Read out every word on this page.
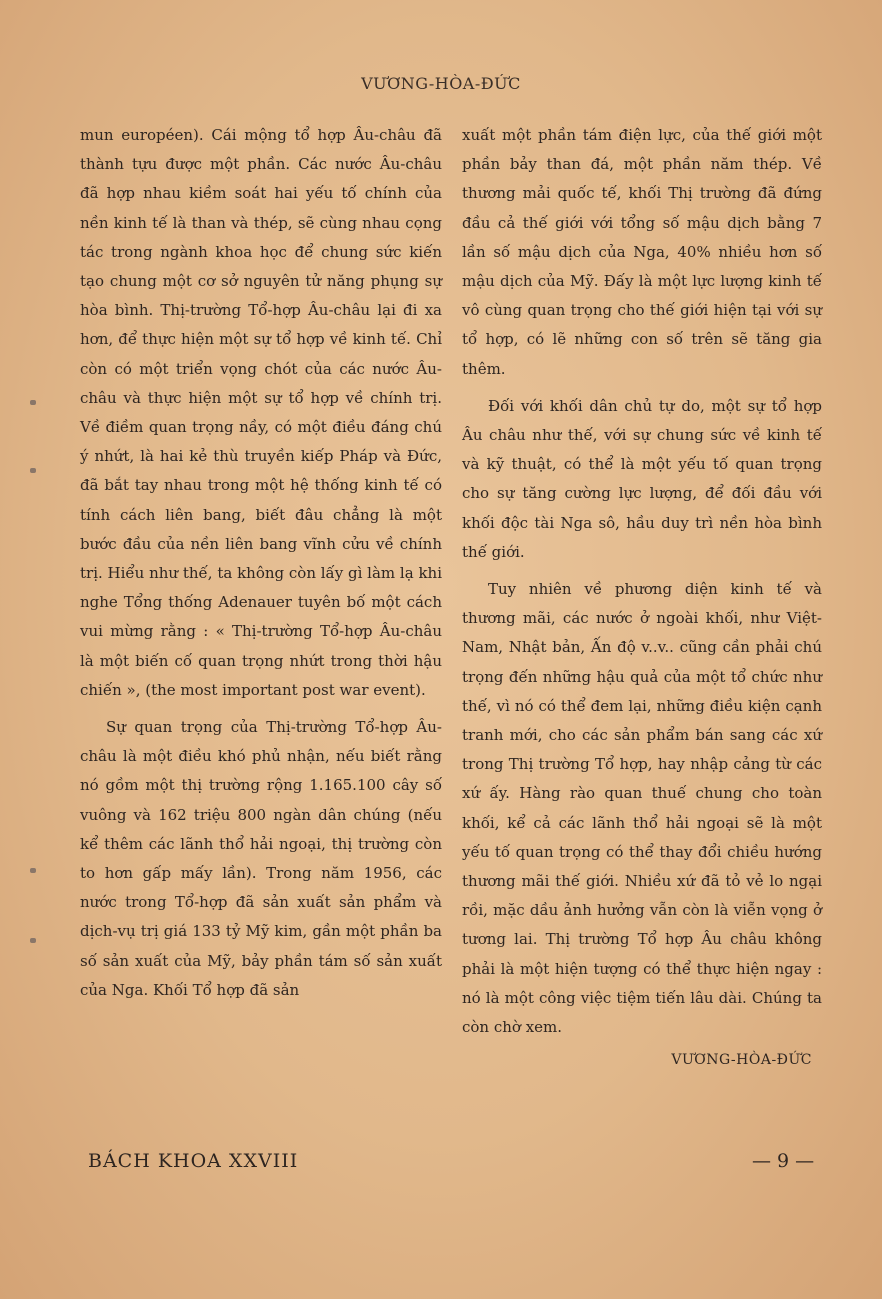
VƯƠNG-HÒA-ĐỨC

mun européen). Cái mộng tổ hợp Âu-châu đã thành tựu được một phần. Các nước Âu-châu đã hợp nhau kiềm soát hai yếu tố chính của nền kinh tế là than và thép, sẽ cùng nhau cọng tác trong ngành khoa học để chung sức kiến tạo chung một cơ sở nguyên tử năng phụng sự hòa bình. Thị-trường Tổ-hợp Âu-châu lại đi xa hơn, để thực hiện một sự tổ hợp về kinh tế. Chỉ còn có một triển vọng chót của các nước Âu-châu và thực hiện một sự tổ hợp về chính trị. Về điềm quan trọng nầy, có một điều đáng chú ý nhứt, là hai kẻ thù truyền kiếp Pháp và Đức, đã bắt tay nhau trong một hệ thống kinh tế có tính cách liên bang, biết đâu chẳng là một bước đầu của nền liên bang vĩnh cửu về chính trị. Hiểu như thế, ta không còn lấy gì làm lạ khi nghe Tổng thống Adenauer tuyên bố một cách vui mừng rằng : « Thị-trường Tổ-hợp Âu-châu là một biến cố quan trọng nhứt trong thời hậu chiến », (the most important post war event).

Sự quan trọng của Thị-trường Tổ-hợp Âu-châu là một điều khó phủ nhận, nếu biết rằng nó gồm một thị trường rộng 1.165.100 cây số vuông và 162 triệu 800 ngàn dân chúng (nếu kể thêm các lãnh thổ hải ngoại, thị trường còn to hơn gấp mấy lần). Trong năm 1956, các nước trong Tổ-hợp đã sản xuất sản phẩm và dịch-vụ trị giá 133 tỷ Mỹ kim, gần một phần ba số sản xuất của Mỹ, bảy phần tám số sản xuất của Nga. Khối Tổ hợp đã sản

xuất một phần tám điện lực, của thế giới một phần bảy than đá, một phần năm thép. Về thương mải quốc tế, khối Thị trường đã đứng đầu cả thế giới với tổng số mậu dịch bằng 7 lần số mậu dịch của Nga, 40% nhiều hơn số mậu dịch của Mỹ. Đấy là một lực lượng kinh tế vô cùng quan trọng cho thế giới hiện tại với sự tổ hợp, có lẽ những con số trên sẽ tăng gia thêm.

Đối với khối dân chủ tự do, một sự tổ hợp Âu châu như thế, với sự chung sức về kinh tế và kỹ thuật, có thể là một yếu tố quan trọng cho sự tăng cường lực lượng, để đối đầu với khối độc tài Nga sô, hầu duy trì nền hòa bình thế giới.

Tuy nhiên về phương diện kinh tế và thương mãi, các nước ở ngoài khối, như Việt-Nam, Nhật bản, Ấn độ v..v.. cũng cần phải chú trọng đến những hậu quả của một tổ chức như thế, vì nó có thể đem lại, những điều kiện cạnh tranh mới, cho các sản phẩm bán sang các xứ trong Thị trường Tổ hợp, hay nhập cảng từ các xứ ấy. Hàng rào quan thuế chung cho toàn khối, kể cả các lãnh thổ hải ngoại sẽ là một yếu tố quan trọng có thể thay đổi chiều hướng thương mãi thế giới. Nhiều xứ đã tỏ vẻ lo ngại rồi, mặc dầu ảnh hưởng vẫn còn là viễn vọng ở tương lai. Thị trường Tổ hợp Âu châu không phải là một hiện tượng có thể thực hiện ngay : nó là một công việc tiệm tiến lâu dài. Chúng ta còn chờ xem.

VƯƠNG-HÒA-ĐỨC
BÁCH KHOA XXVIII	— 9 —
